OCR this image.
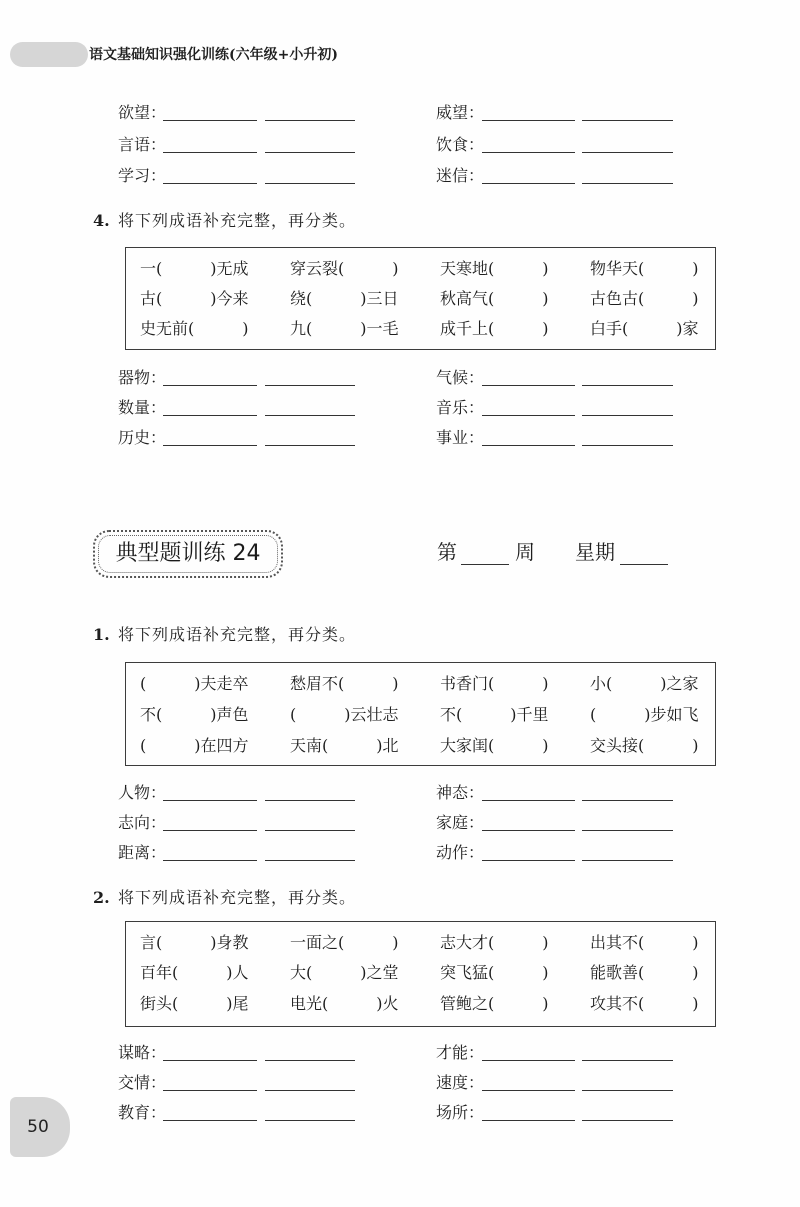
语文基础知识强化训练(六年级+小升初)
典型题训练 24	第	周 星期
50
欲望：	威望：
言语：	饮食：
学习：	迷信：
4. 将下列成语补充完整，再分类。
一(　　　)无成	穿云裂(　　　)	天寒地(　　　)	物华天(　　　)
古(　　　)今来	绕(　　　)三日	秋高气(　　　)	古色古(　　　)
史无前(　　　)	九(　　　)一毛	成千上(　　　)	白手(　　　)家
器物：	气候：
数量：	音乐：
历史：	事业：
1. 将下列成语补充完整，再分类。
(　　　)夫走卒	愁眉不(　　　)	书香门(　　　)	小(　　　)之家
不(　　　)声色	(　　　)云壮志	不(　　　)千里	(　　　)步如飞
(　　　)在四方	天南(　　　)北	大家闺(　　　)	交头接(　　　)
人物：	神态：
志向：	家庭：
距离：	动作：
2. 将下列成语补充完整，再分类。
言(　　　)身教	一面之(　　　)	志大才(　　　)	出其不(　　　)
百年(　　　)人	大(　　　)之堂	突飞猛(　　　)	能歌善(　　　)
街头(　　　)尾	电光(　　　)火	管鲍之(　　　)	攻其不(　　　)
谋略：	才能：
交情：	速度：
教育：	场所：
